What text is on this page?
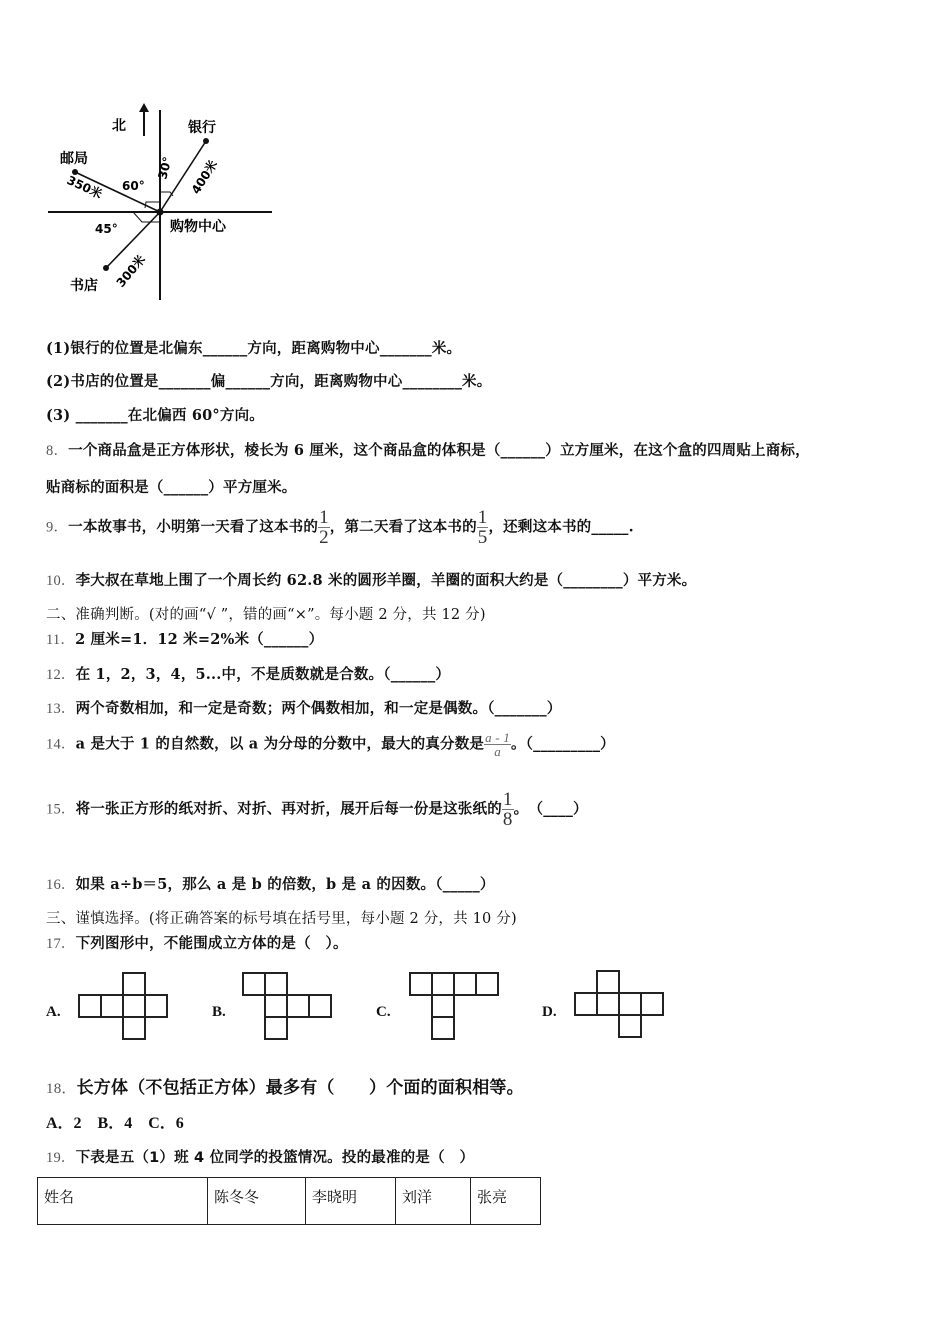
北	银行
邮局
购物中心
书店
60°
45°
30° 400米
350米
300米
(1)银行的位置是北偏东______方向，距离购物中心_______米。
(2)书店的位置是_______偏______方向，距离购物中心________米。
(3) _______在北偏西 60°方向。
8．一个商品盒是正方体形状，棱长为 6 厘米，这个商品盒的体积是（______）立方厘米，在这个盒的四周贴上商标，
贴商标的面积是（______）平方厘米。
9．一本故事书，小明第一天看了这本书的 $\frac{1}{2}$ ，第二天看了这本书的 $\frac{1}{5}$ ，还剩这本书的_____.
10．李大叔在草地上围了一个周长约 62.8 米的圆形羊圈，羊圈的面积大约是（________）平方米。
二、准确判断。(对的画“√ ”，错的画“×”。每小题 2 分，共 12 分)
11．2 厘米=1．12 米=2%米（______）
12．在 1，2，3，4，5...中，不是质数就是合数。（______）
13．两个奇数相加，和一定是奇数；两个偶数相加，和一定是偶数。（_______）
14．a 是大于 1 的自然数，以 a 为分母的分数中，最大的真分数是 $\frac{a - 1}{a}$ 。（_________）
15．将一张正方形的纸对折、对折、再对折，展开后每一份是这张纸的 $\frac{1}{8}$ 。　（____）
16．如果 a÷b＝5，那么 a 是 b 的倍数，b 是 a 的因数。（_____）
三、谨慎选择。(将正确答案的标号填在括号里，每小题 2 分，共 10 分)
17．下列图形中，不能围成立方体的是（　）。
A.	B.	C.	D.
18．长方体（不包括正方体）最多有（　　）个面的面积相等。
A．2　B．4　C．6
19．下表是五（1）班 4 位同学的投篮情况。投的最准的是（　）
姓名	陈冬冬	李晓明	刘洋	张亮
